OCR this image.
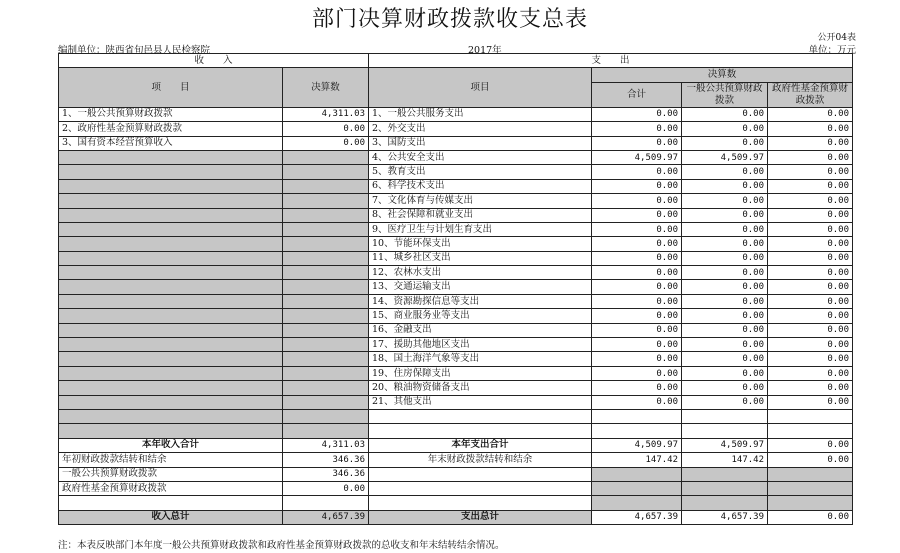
部门决算财政拨款收支总表
公开04表
编制单位：陕西省旬邑县人民检察院	2017年	单位：万元
收　　入		支　　出			
项　　目	决算数	项目	决算数		
			合计	一般公共预算财政拨款	政府性基金预算财政拨款

1、一般公共预算财政拨款	4,311.03	1、一般公共服务支出	0.00	0.00	0.00
2、政府性基金预算财政拨款	0.00	2、外交支出	0.00	0.00	0.00
3、国有资本经营预算收入	0.00	3、国防支出	0.00	0.00	0.00
		4、公共安全支出	4,509.97	4,509.97	0.00
		5、教育支出	0.00	0.00	0.00
		6、科学技术支出	0.00	0.00	0.00
		7、文化体育与传媒支出	0.00	0.00	0.00
		8、社会保障和就业支出	0.00	0.00	0.00
		9、医疗卫生与计划生育支出	0.00	0.00	0.00
		10、节能环保支出	0.00	0.00	0.00
		11、城乡社区支出	0.00	0.00	0.00
		12、农林水支出	0.00	0.00	0.00
		13、交通运输支出	0.00	0.00	0.00
		14、资源勘探信息等支出	0.00	0.00	0.00
		15、商业服务业等支出	0.00	0.00	0.00
		16、金融支出	0.00	0.00	0.00
		17、援助其他地区支出	0.00	0.00	0.00
		18、国土海洋气象等支出	0.00	0.00	0.00
		19、住房保障支出	0.00	0.00	0.00
		20、粮油物资储备支出	0.00	0.00	0.00
		21、其他支出	0.00	0.00	0.00

本年收入合计	4,311.03	本年支出合计	4,509.97	4,509.97	0.00
年初财政拨款结转和结余	346.36	年末财政拨款结转和结余	147.42	147.42	0.00
一般公共预算财政拨款	346.36				
政府性基金预算财政拨款	0.00				

收入总计	4,657.39	支出总计	4,657.39	4,657.39	0.00
注：本表反映部门本年度一般公共预算财政拨款和政府性基金预算财政拨款的总收支和年末结转结余情况。
